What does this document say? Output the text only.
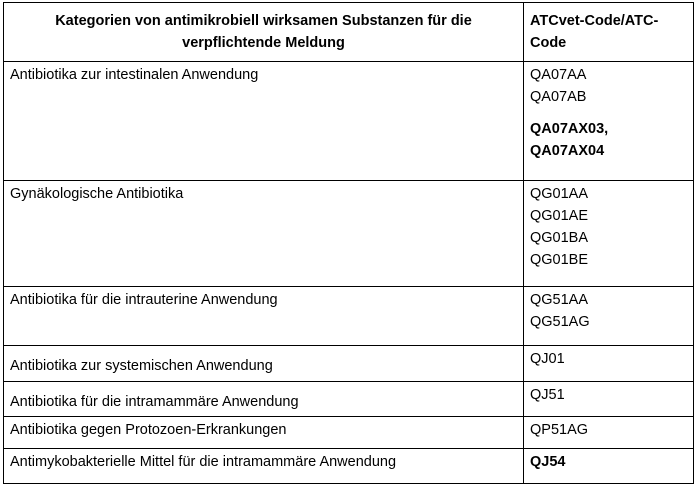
Kategorien von antimikrobiell wirksamen Substanzen für die verpflichtende Meldung	ATCvet-Code/ATC-Code
Antibiotika zur intestinalen Anwendung	QA07AA
QA07AB
QA07AX03,
QA07AX04

Gynäkologische Antibiotika	QG01AA
QG01AE
QG01BA
QG01BE

Antibiotika für die intrauterine Anwendung	QG51AA
QG51AG

Antibiotika zur systemischen Anwendung	QJ01

Antibiotika für die intramammäre Anwendung	QJ51

Antibiotika gegen Protozoen-Erkrankungen	QP51AG

Antimykobakterielle Mittel für die intramammäre Anwendung	QJ54
